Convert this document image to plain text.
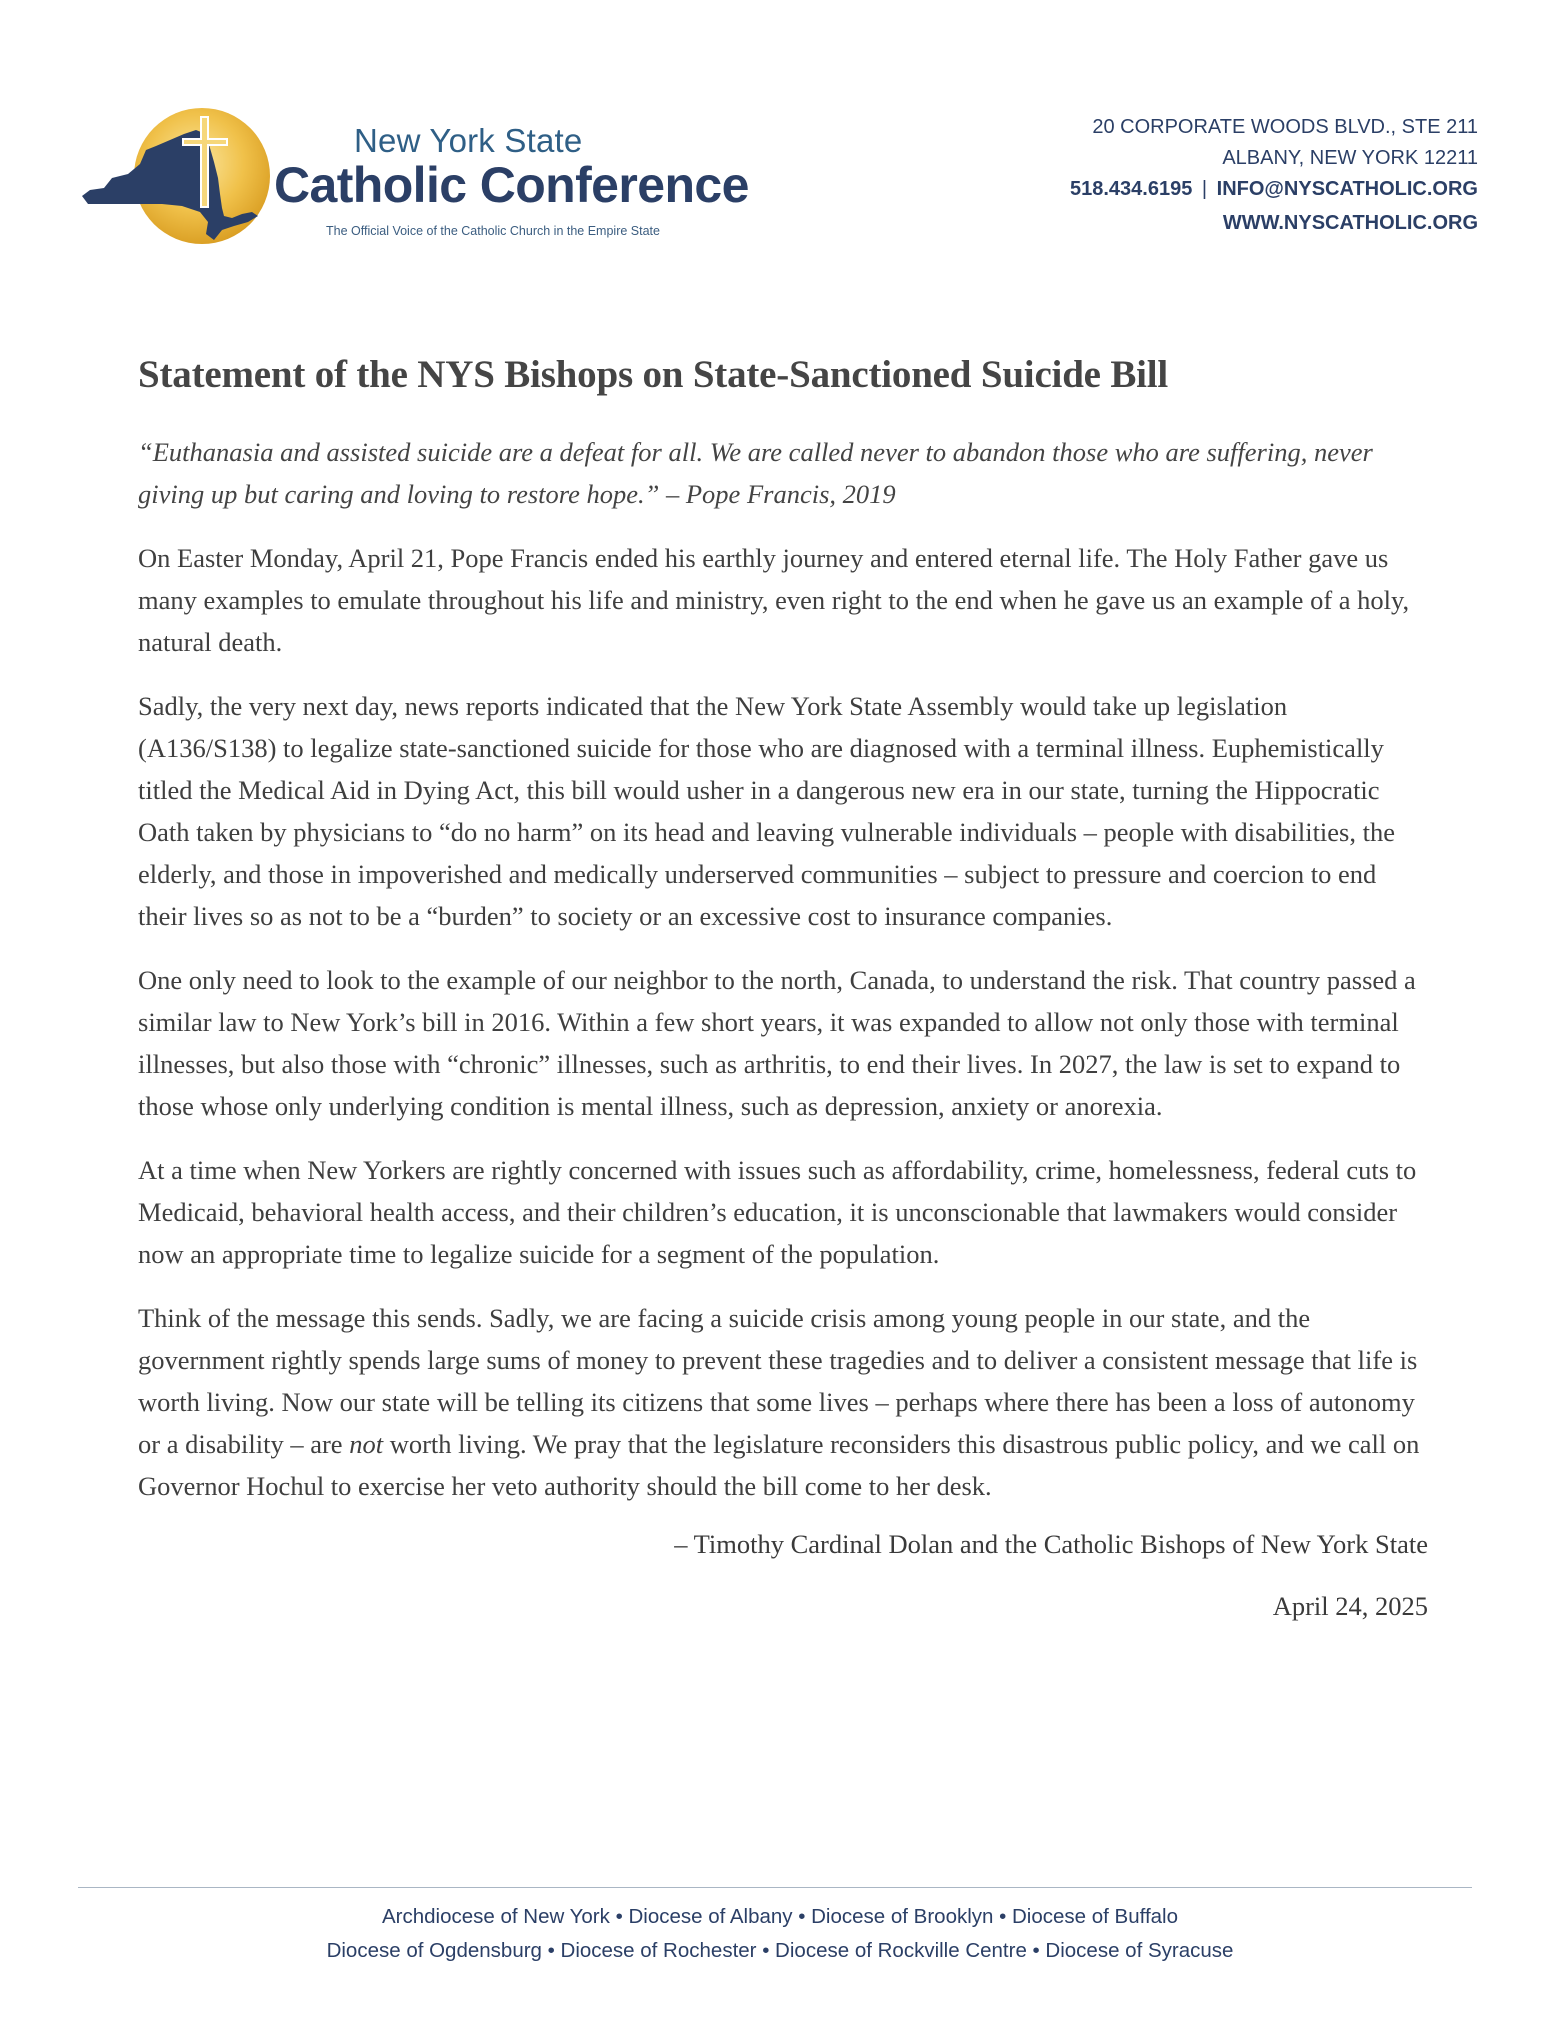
New York State
Catholic Conference
The Official Voice of the Catholic Church in the Empire State
20 CORPORATE WOODS BLVD., STE 211
ALBANY, NEW YORK 12211
518.434.6195 | INFO@NYSCATHOLIC.ORG
WWW.NYSCATHOLIC.ORG
Statement of the NYS Bishops on State-Sanctioned Suicide Bill

“Euthanasia and assisted suicide are a defeat for all. We are called never to abandon those who are suffering, never giving up but caring and loving to restore hope.” – Pope Francis, 2019

On Easter Monday, April 21, Pope Francis ended his earthly journey and entered eternal life. The Holy Father gave us many examples to emulate throughout his life and ministry, even right to the end when he gave us an example of a holy, natural death.

Sadly, the very next day, news reports indicated that the New York State Assembly would take up legislation (A136/S138) to legalize state-sanctioned suicide for those who are diagnosed with a terminal illness. Euphemistically titled the Medical Aid in Dying Act, this bill would usher in a dangerous new era in our state, turning the Hippocratic Oath taken by physicians to “do no harm” on its head and leaving vulnerable individuals – people with disabilities, the elderly, and those in impoverished and medically underserved communities – subject to pressure and coercion to end their lives so as not to be a “burden” to society or an excessive cost to insurance companies.

One only need to look to the example of our neighbor to the north, Canada, to understand the risk. That country passed a similar law to New York’s bill in 2016. Within a few short years, it was expanded to allow not only those with terminal illnesses, but also those with “chronic” illnesses, such as arthritis, to end their lives. In 2027, the law is set to expand to those whose only underlying condition is mental illness, such as depression, anxiety or anorexia.

At a time when New Yorkers are rightly concerned with issues such as affordability, crime, homelessness, federal cuts to Medicaid, behavioral health access, and their children’s education, it is unconscionable that lawmakers would consider now an appropriate time to legalize suicide for a segment of the population.

Think of the message this sends. Sadly, we are facing a suicide crisis among young people in our state, and the government rightly spends large sums of money to prevent these tragedies and to deliver a consistent message that life is worth living. Now our state will be telling its citizens that some lives – perhaps where there has been a loss of autonomy or a disability – are not worth living. We pray that the legislature reconsiders this disastrous public policy, and we call on Governor Hochul to exercise her veto authority should the bill come to her desk.

– Timothy Cardinal Dolan and the Catholic Bishops of New York State
April 24, 2025
Archdiocese of New York • Diocese of Albany • Diocese of Brooklyn • Diocese of Buffalo
Diocese of Ogdensburg • Diocese of Rochester • Diocese of Rockville Centre • Diocese of Syracuse
